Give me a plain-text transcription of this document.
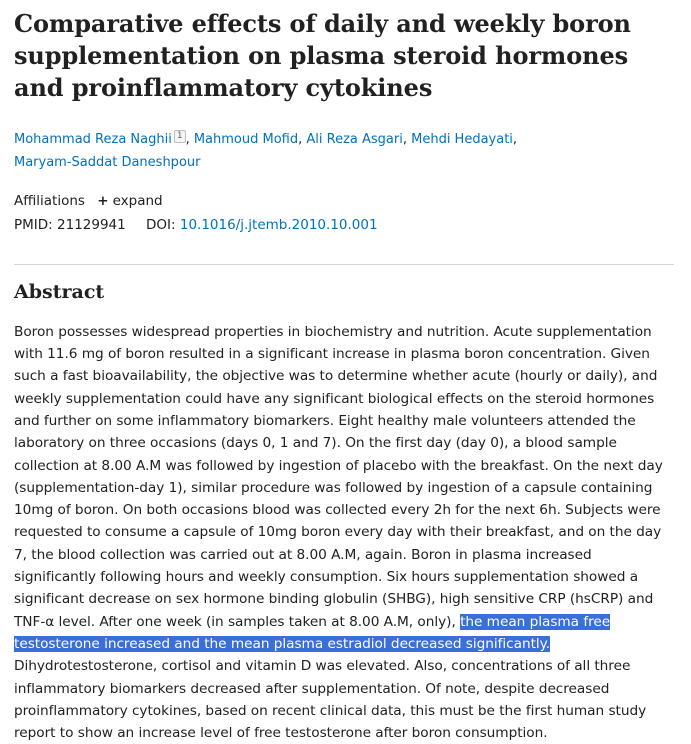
Comparative effects of daily and weekly boron supplementation on plasma steroid hormones and proinflammatory cytokines
Mohammad Reza Naghii $^1$ , Mahmoud Mofid, Ali Reza Asgari, Mehdi Hedayati,
Maryam-Saddat Daneshpour
Affiliations + expand
PMID: 21129941 DOI: 10.1016/j.jtemb.2010.10.001
Abstract
Boron possesses widespread properties in biochemistry and nutrition. Acute supplementation with 11.6 mg of boron resulted in a significant increase in plasma boron concentration. Given such a fast bioavailability, the objective was to determine whether acute (hourly or daily), and weekly supplementation could have any significant biological effects on the steroid hormones and further on some inflammatory biomarkers. Eight healthy male volunteers attended the laboratory on three occasions (days 0, 1 and 7). On the first day (day 0), a blood sample collection at 8.00 A.M was followed by ingestion of placebo with the breakfast. On the next day (supplementation-day 1), similar procedure was followed by ingestion of a capsule containing 10mg of boron. On both occasions blood was collected every 2h for the next 6h. Subjects were requested to consume a capsule of 10mg boron every day with their breakfast, and on the day 7, the blood collection was carried out at 8.00 A.M, again. Boron in plasma increased significantly following hours and weekly consumption. Six hours supplementation showed a significant decrease on sex hormone binding globulin (SHBG), high sensitive CRP (hsCRP) and TNF-α level. After one week (in samples taken at 8.00 A.M, only), the mean plasma free testosterone increased and the mean plasma estradiol decreased significantly. Dihydrotestosterone, cortisol and vitamin D was elevated. Also, concentrations of all three inflammatory biomarkers decreased after supplementation. Of note, despite decreased proinflammatory cytokines, based on recent clinical data, this must be the first human study report to show an increase level of free testosterone after boron consumption.
